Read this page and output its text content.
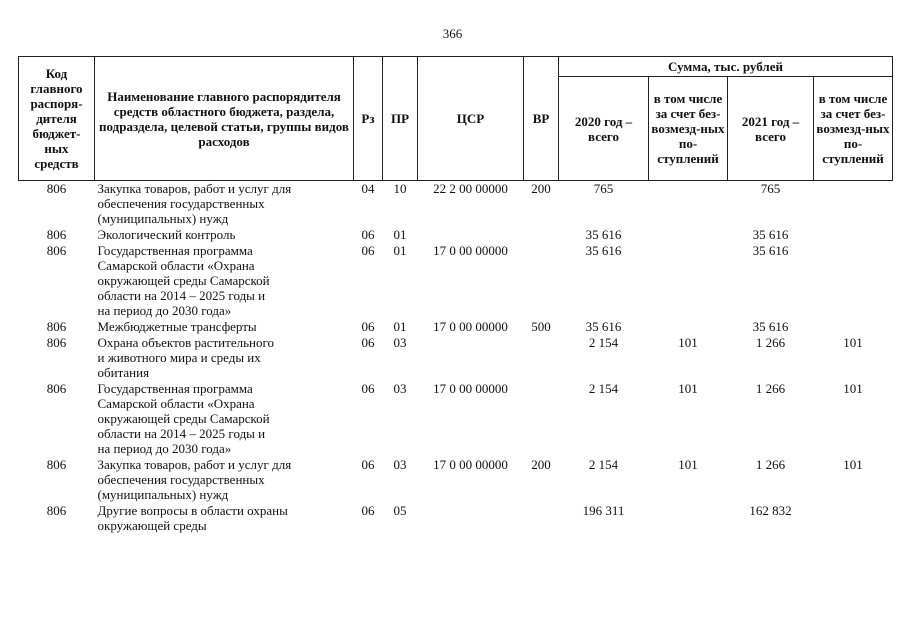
366
Код главного распоря-дителя бюджет-ных средств	Наименование главного распорядителя средств областного бюджета, раздела, подраздела, целевой статьи, группы видов расходов	Рз	ПР	ЦСР	ВР	Сумма, тыс. рублей			
						2020 год – всего	в том числе за счет без-возмезд-ных по-ступлений	2021 год – всего	в том числе за счет без-возмезд-ных по-ступлений
806	Закупка товаров, работ и услуг для
обеспечения государственных
(муниципальных) нужд	04	10	22 2 00 00000	200	765		765	
806	Экологический контроль	06	01			35 616		35 616	
806	Государственная программа
Самарской области «Охрана
окружающей среды Самарской
области на 2014 – 2025 годы и
на период до 2030 года»	06	01	17 0 00 00000		35 616		35 616	
806	Межбюджетные трансферты	06	01	17 0 00 00000	500	35 616		35 616	
806	Охрана объектов растительного
и животного мира и среды их
обитания	06	03			2 154	101	1 266	101
806	Государственная программа
Самарской области «Охрана
окружающей среды Самарской
области на 2014 – 2025 годы и
на период до 2030 года»	06	03	17 0 00 00000		2 154	101	1 266	101
806	Закупка товаров, работ и услуг для
обеспечения государственных
(муниципальных) нужд	06	03	17 0 00 00000	200	2 154	101	1 266	101
806	Другие вопросы в области охраны
окружающей среды	06	05			196 311		162 832	
